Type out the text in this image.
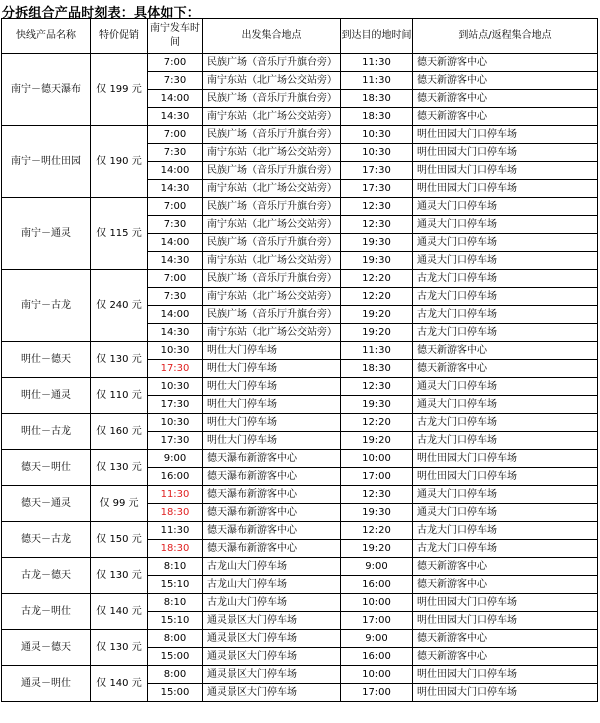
分拆组合产品时刻表：具体如下：
快线产品名称	特价促销	南宁发车时间	出发集合地点	到达目的地时间	到站点/返程集合地点
南宁－德天瀑布	仅 199 元	7:00	民族广场（音乐厅升旗台旁）	11:30	德天新游客中心
		7:30	南宁东站（北广场公交站旁）	11:30	德天新游客中心
		14:00	民族广场（音乐厅升旗台旁）	18:30	德天新游客中心
		14:30	南宁东站（北广场公交站旁）	18:30	德天新游客中心
南宁－明仕田园	仅 190 元	7:00	民族广场（音乐厅升旗台旁）	10:30	明仕田园大门口停车场
		7:30	南宁东站（北广场公交站旁）	10:30	明仕田园大门口停车场
		14:00	民族广场（音乐厅升旗台旁）	17:30	明仕田园大门口停车场
		14:30	南宁东站（北广场公交站旁）	17:30	明仕田园大门口停车场
南宁－通灵	仅 115 元	7:00	民族广场（音乐厅升旗台旁）	12:30	通灵大门口停车场
		7:30	南宁东站（北广场公交站旁）	12:30	通灵大门口停车场
		14:00	民族广场（音乐厅升旗台旁）	19:30	通灵大门口停车场
		14:30	南宁东站（北广场公交站旁）	19:30	通灵大门口停车场
南宁－古龙	仅 240 元	7:00	民族广场（音乐厅升旗台旁）	12:20	古龙大门口停车场
		7:30	南宁东站（北广场公交站旁）	12:20	古龙大门口停车场
		14:00	民族广场（音乐厅升旗台旁）	19:20	古龙大门口停车场
		14:30	南宁东站（北广场公交站旁）	19:20	古龙大门口停车场
明仕－德天	仅 130 元	10:30	明仕大门停车场	11:30	德天新游客中心
		17:30	明仕大门停车场	18:30	德天新游客中心
明仕－通灵	仅 110 元	10:30	明仕大门停车场	12:30	通灵大门口停车场
		17:30	明仕大门停车场	19:30	通灵大门口停车场
明仕－古龙	仅 160 元	10:30	明仕大门停车场	12:20	古龙大门口停车场
		17:30	明仕大门停车场	19:20	古龙大门口停车场
德天－明仕	仅 130 元	9:00	德天瀑布新游客中心	10:00	明仕田园大门口停车场
		16:00	德天瀑布新游客中心	17:00	明仕田园大门口停车场
德天－通灵	仅 99 元	11:30	德天瀑布新游客中心	12:30	通灵大门口停车场
		18:30	德天瀑布新游客中心	19:30	通灵大门口停车场
德天－古龙	仅 150 元	11:30	德天瀑布新游客中心	12:20	古龙大门口停车场
		18:30	德天瀑布新游客中心	19:20	古龙大门口停车场
古龙－德天	仅 130 元	8:10	古龙山大门停车场	9:00	德天新游客中心
		15:10	古龙山大门停车场	16:00	德天新游客中心
古龙－明仕	仅 140 元	8:10	古龙山大门停车场	10:00	明仕田园大门口停车场
		15:10	通灵景区大门停车场	17:00	明仕田园大门口停车场
通灵－德天	仅 130 元	8:00	通灵景区大门停车场	9:00	德天新游客中心
		15:00	通灵景区大门停车场	16:00	德天新游客中心
通灵－明仕	仅 140 元	8:00	通灵景区大门停车场	10:00	明仕田园大门口停车场
		15:00	通灵景区大门停车场	17:00	明仕田园大门口停车场
